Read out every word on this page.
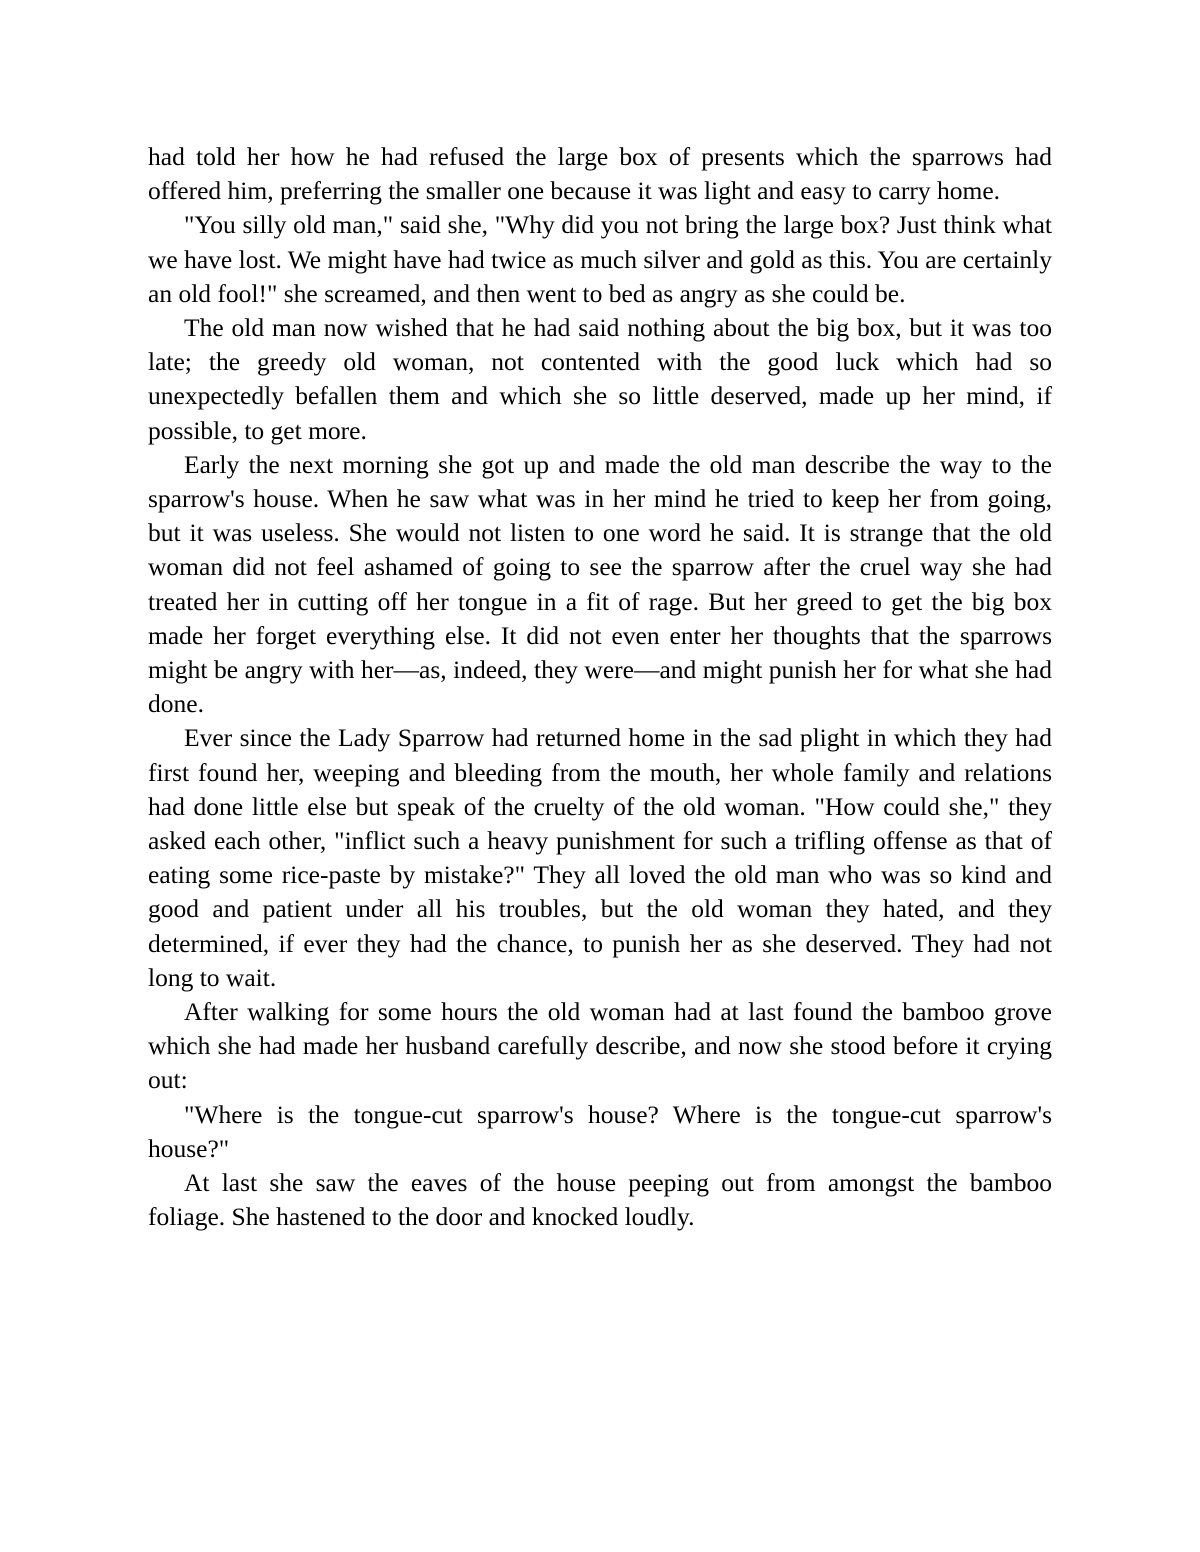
had told her how he had refused the large box of presents which the sparrows had offered him, preferring the smaller one because it was light and easy to carry home.

"You silly old man," said she, "Why did you not bring the large box? Just think what we have lost. We might have had twice as much silver and gold as this. You are certainly an old fool!" she screamed, and then went to bed as angry as she could be.

The old man now wished that he had said nothing about the big box, but it was too late; the greedy old woman, not contented with the good luck which had so unexpectedly befallen them and which she so little deserved, made up her mind, if possible, to get more.

Early the next morning she got up and made the old man describe the way to the sparrow's house. When he saw what was in her mind he tried to keep her from going, but it was useless. She would not listen to one word he said. It is strange that the old woman did not feel ashamed of going to see the sparrow after the cruel way she had treated her in cutting off her tongue in a fit of rage. But her greed to get the big box made her forget everything else. It did not even enter her thoughts that the sparrows might be angry with her—as, indeed, they were—and might punish her for what she had done.

Ever since the Lady Sparrow had returned home in the sad plight in which they had first found her, weeping and bleeding from the mouth, her whole family and relations had done little else but speak of the cruelty of the old woman. "How could she," they asked each other, "inflict such a heavy punishment for such a trifling offense as that of eating some rice-paste by mistake?" They all loved the old man who was so kind and good and patient under all his troubles, but the old woman they hated, and they determined, if ever they had the chance, to punish her as she deserved. They had not long to wait.

After walking for some hours the old woman had at last found the bamboo grove which she had made her husband carefully describe, and now she stood before it crying out:

"Where is the tongue-cut sparrow's house? Where is the tongue-cut sparrow's house?"

At last she saw the eaves of the house peeping out from amongst the bamboo foliage. She hastened to the door and knocked loudly.
